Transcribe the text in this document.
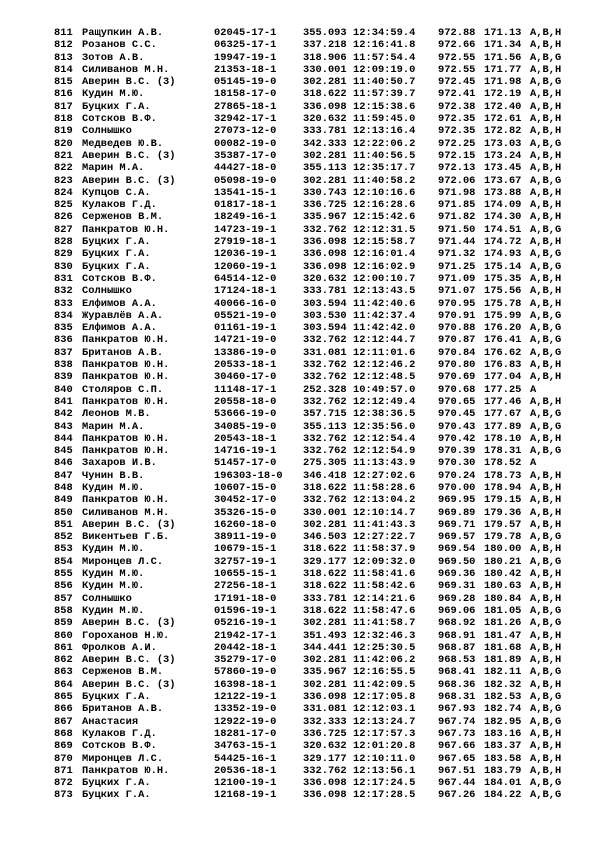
811 Ращупкин А.В.	02045-17-1	355.093 12:34:59.4 972.88 171.13 A,B,H
812 Розанов С.С.	06325-17-1	337.218 12:16:41.8 972.66 171.34 A,B,H
813 Зотов А.В.	19947-19-1	318.906 11:57:54.4 972.55 171.56 A,B,G
814 Силиванов М.Н.	21353-18-1	330.001 12:09:19.0 972.55 171.77 A,B,H
815 Аверин В.С. (3)	05145-19-0	302.281 11:40:50.7 972.45 171.98 A,B,G
816 Кудин М.Ю.	18158-17-0	318.622 11:57:39.7 972.41 172.19 A,B,H
817 Буцких Г.А.	27865-18-1	336.098 12:15:38.6 972.38 172.40 A,B,H
818 Сотсков В.Ф.	32942-17-1	320.632 11:59:45.0 972.35 172.61 A,B,H
819 Солнышко	27073-12-0	333.781 12:13:16.4 972.35 172.82 A,B,H
820 Медведев Ю.В.	00082-19-0	342.333 12:22:06.2 972.25 173.03 A,B,G
821 Аверин В.С. (3)	35387-17-0	302.281 11:40:56.5 972.15 173.24 A,B,H
822 Марин М.А.	44427-18-0	355.113 12:35:17.7 972.13 173.45 A,B,H
823 Аверин В.С. (3)	05098-19-0	302.281 11:40:58.2 972.06 173.67 A,B,G
824 Купцов С.А.	13541-15-1	330.743 12:10:16.6 971.98 173.88 A,B,H
825 Кулаков Г.Д.	01817-18-1	336.725 12:16:28.6 971.85 174.09 A,B,H
826 Серженов В.М.	18249-16-1	335.967 12:15:42.6 971.82 174.30 A,B,H
827 Панкратов Ю.Н.	14723-19-1	332.762 12:12:31.5 971.50 174.51 A,B,G
828 Буцких Г.А.	27919-18-1	336.098 12:15:58.7 971.44 174.72 A,B,H
829 Буцких Г.А.	12036-19-1	336.098 12:16:01.4 971.32 174.93 A,B,G
830 Буцких Г.А.	12060-19-1	336.098 12:16:02.9 971.25 175.14 A,B,G
831 Сотсков В.Ф.	64514-12-0	320.632 12:00:10.7 971.09 175.35 A,B,H
832 Солнышко	17124-18-1	333.781 12:13:43.5 971.07 175.56 A,B,H
833 Елфимов А.А.	40066-16-0	303.594 11:42:40.6 970.95 175.78 A,B,H
834 Журавлёв А.А.	05521-19-0	303.530 11:42:37.4 970.91 175.99 A,B,G
835 Елфимов А.А.	01161-19-1	303.594 11:42:42.0 970.88 176.20 A,B,G
836 Панкратов Ю.Н.	14721-19-0	332.762 12:12:44.7 970.87 176.41 A,B,G
837 Британов А.В.	13386-19-0	331.081 12:11:01.6 970.84 176.62 A,B,G
838 Панкратов Ю.Н.	20533-18-1	332.762 12:12:46.2 970.80 176.83 A,B,H
839 Панкратов Ю.Н.	30460-17-0	332.762 12:12:48.5 970.69 177.04 A,B,H
840 Столяров С.П.	11148-17-1	252.328 10:49:57.0 970.68 177.25 A
841 Панкратов Ю.Н.	20558-18-0	332.762 12:12:49.4 970.65 177.46 A,B,H
842 Леонов М.В.	53666-19-0	357.715 12:38:36.5 970.45 177.67 A,B,G
843 Марин М.А.	34085-19-0	355.113 12:35:56.0 970.43 177.89 A,B,G
844 Панкратов Ю.Н.	20543-18-1	332.762 12:12:54.4 970.42 178.10 A,B,H
845 Панкратов Ю.Н.	14716-19-1	332.762 12:12:54.9 970.39 178.31 A,B,G
846 Захаров И.В.	51457-17-0	275.305 11:13:43.9 970.30 178.52 A
847 Чунин В.В.	196303-18-0 346.418 12:27:02.6 970.24 178.73 A,B,H
848 Кудин М.Ю.	10607-15-0	318.622 11:58:28.6 970.00 178.94 A,B,H
849 Панкратов Ю.Н.	30452-17-0	332.762 12:13:04.2 969.95 179.15 A,B,H
850 Силиванов М.Н.	35326-15-0	330.001 12:10:14.7 969.89 179.36 A,B,H
851 Аверин В.С. (3)	16260-18-0	302.281 11:41:43.3 969.71 179.57 A,B,H
852 Викентьев Г.Б.	38911-19-0	346.503 12:27:22.7 969.57 179.78 A,B,G
853 Кудин М.Ю.	10679-15-1	318.622 11:58:37.9 969.54 180.00 A,B,H
854 Миронцев Л.С.	32757-19-1	329.177 12:09:32.0 969.50 180.21 A,B,G
855 Кудин М.Ю.	10655-15-1	318.622 11:58:41.6 969.36 180.42 A,B,H
856 Кудин М.Ю.	27256-18-1	318.622 11:58:42.6 969.31 180.63 A,B,H
857 Солнышко	17191-18-0	333.781 12:14:21.6 969.28 180.84 A,B,H
858 Кудин М.Ю.	01596-19-1	318.622 11:58:47.6 969.06 181.05 A,B,G
859 Аверин В.С. (3)	05216-19-1	302.281 11:41:58.7 968.92 181.26 A,B,G
860 Гороханов Н.Ю.	21942-17-1	351.493 12:32:46.3 968.91 181.47 A,B,H
861 Фролков А.И.	20442-18-1	344.441 12:25:30.5 968.87 181.68 A,B,H
862 Аверин В.С. (3)	35279-17-0	302.281 11:42:06.2 968.53 181.89 A,B,H
863 Серженов В.М.	57860-19-0	335.967 12:16:55.5 968.41 182.11 A,B,G
864 Аверин В.С. (3)	16398-18-1	302.281 11:42:09.5 968.36 182.32 A,B,H
865 Буцких Г.А.	12122-19-1	336.098 12:17:05.8 968.31 182.53 A,B,G
866 Британов А.В.	13352-19-0	331.081 12:12:03.1 967.93 182.74 A,B,G
867 Анастасия	12922-19-0	332.333 12:13:24.7 967.74 182.95 A,B,G
868 Кулаков Г.Д.	18281-17-0	336.725 12:17:57.3 967.73 183.16 A,B,H
869 Сотсков В.Ф.	34763-15-1	320.632 12:01:20.8 967.66 183.37 A,B,H
870 Миронцев Л.С.	54425-16-1	329.177 12:10:11.0 967.65 183.58 A,B,H
871 Панкратов Ю.Н.	20536-18-1	332.762 12:13:56.1 967.51 183.79 A,B,H
872 Буцких Г.А.	12100-19-1	336.098 12:17:24.5 967.44 184.01 A,B,G
873 Буцких Г.А.	12168-19-1	336.098 12:17:28.5 967.26 184.22 A,B,G
